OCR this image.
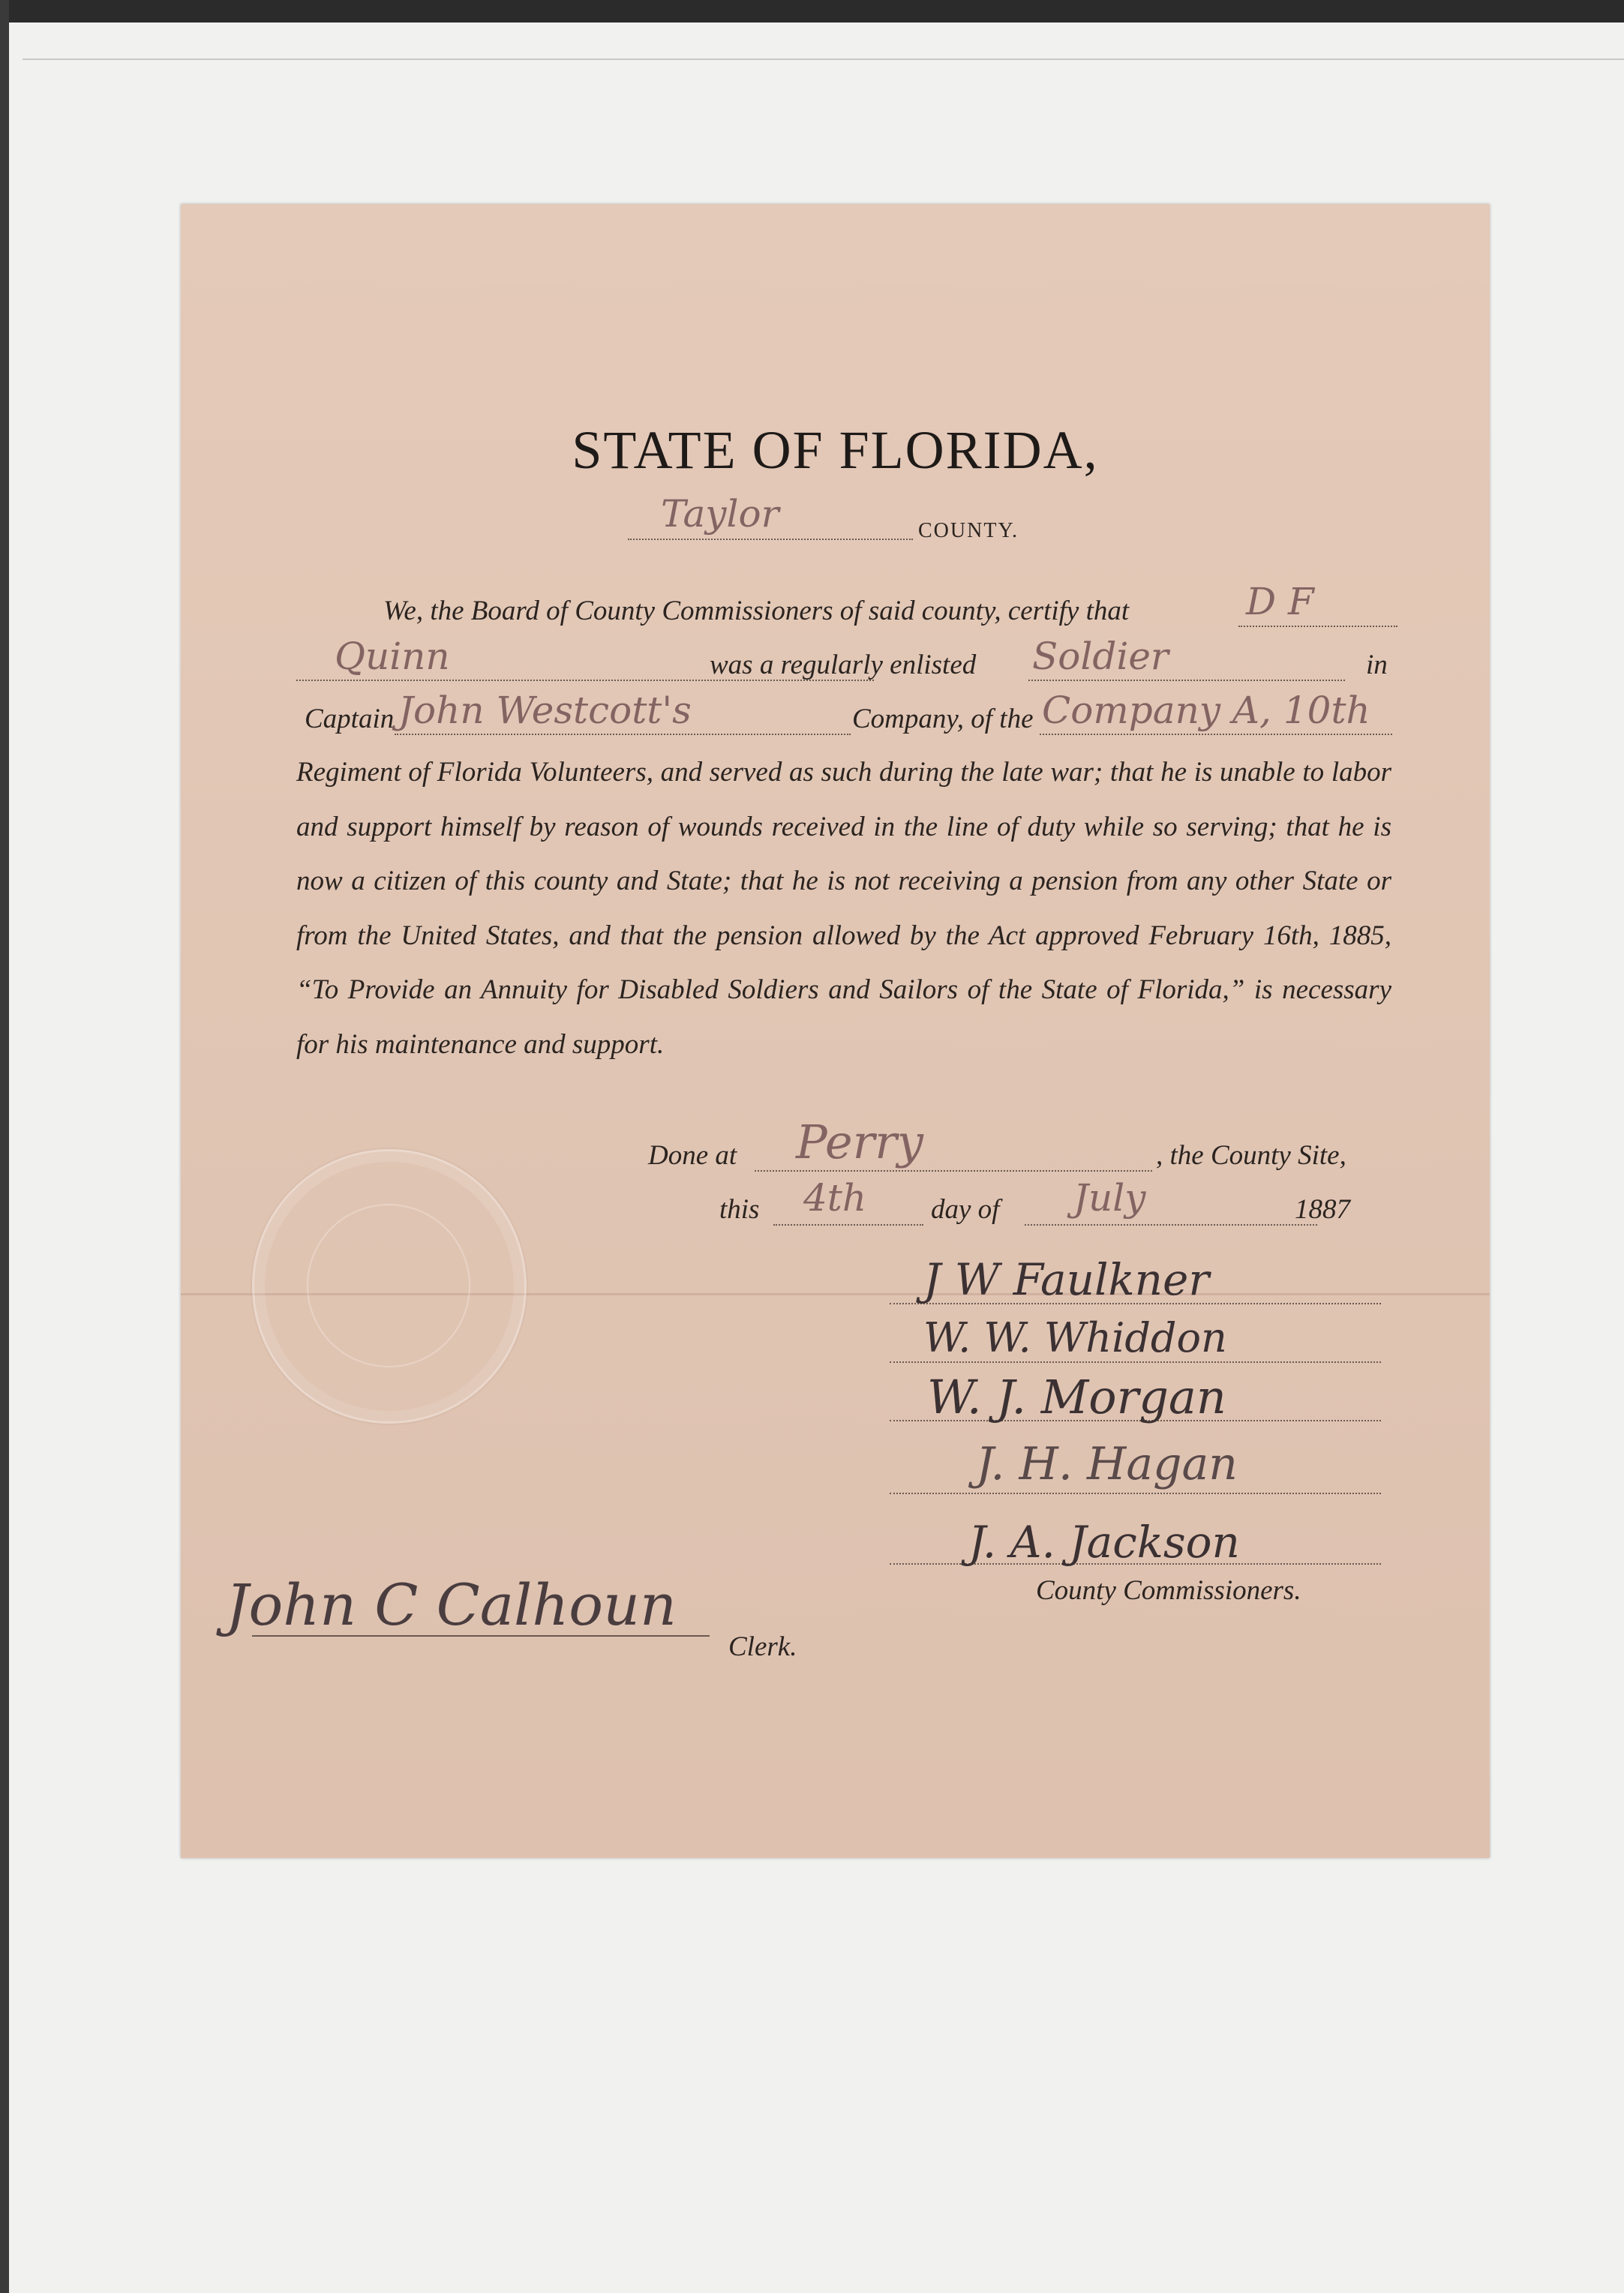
STATE OF FLORIDA,
Taylor	COUNTY.
We, the Board of County Commissioners of said county, certify that	D F
Quinn	was a regularly enlisted Soldier	in
Captain John Westcott's	Company, of the Company A, 10th
Regiment of Florida Volunteers, and served as such during the late war; that he is unable to labor and support himself by reason of wounds received in the line of duty while so serving; that he is now a citizen of this county and State; that he is not receiving a pension from any other State or from the United States, and that the pension allowed by the Act approved February 16th, 1885, “To Provide an Annuity for Disabled Soldiers and Sailors of the State of Florida,” is necessary for his maintenance and support.
Done at Perry	, the County Site,
this 4th day of July	1887
J W Faulkner
W. W. Whiddon
W. J. Morgan
J. H. Hagan
J. A. Jackson
County Commissioners.
John C Calhoun
Clerk.
